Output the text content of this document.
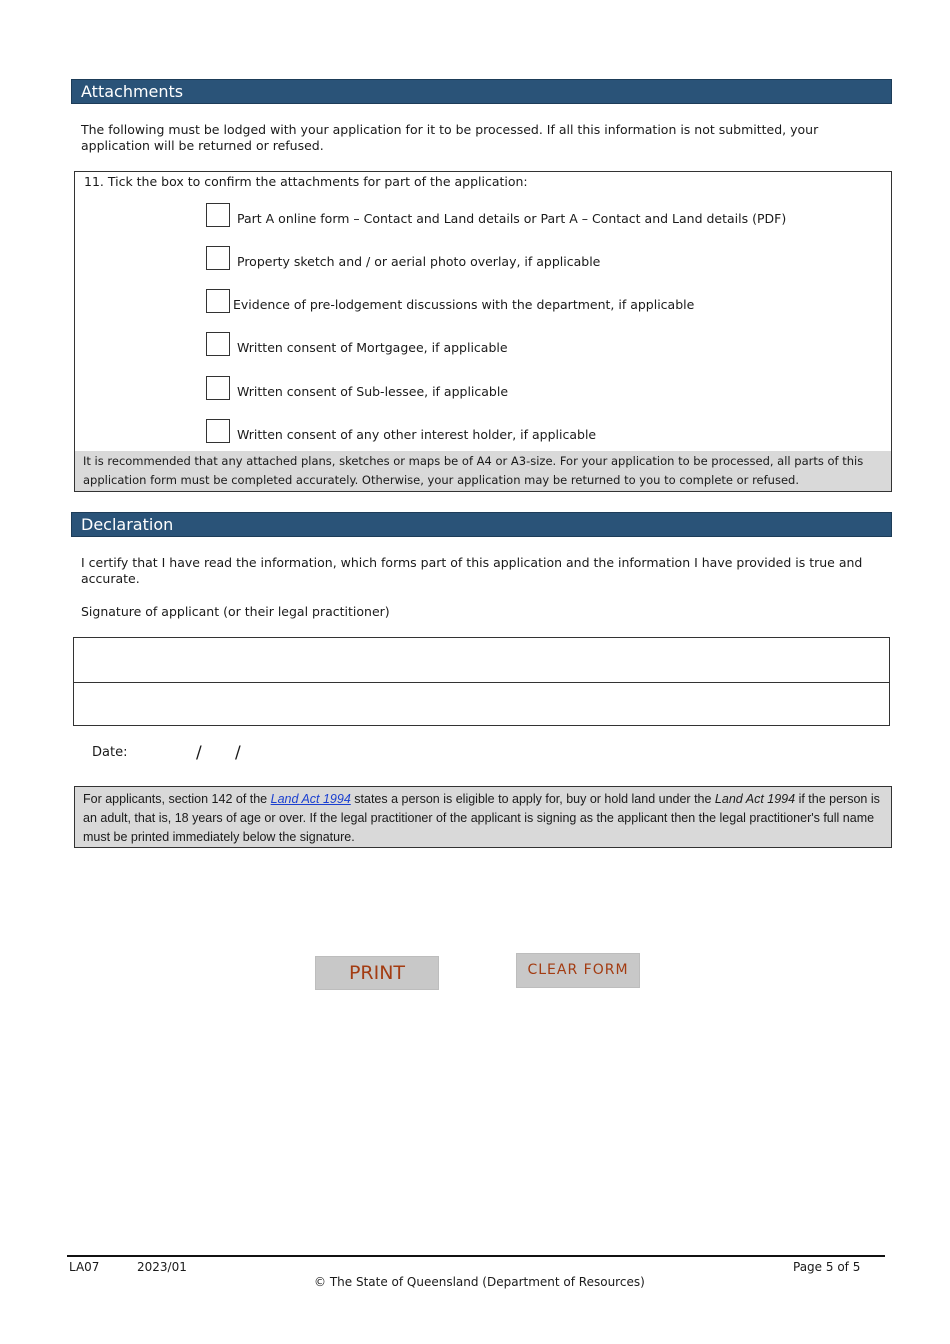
Attachments
The following must be lodged with your application for it to be processed. If all this information is not submitted, your application will be returned or refused.
11. Tick the box to confirm the attachments for part of the application:
Part A online form – Contact and Land details or Part A – Contact and Land details (PDF)
Property sketch and / or aerial photo overlay, if applicable
Evidence of pre-lodgement discussions with the department, if applicable
Written consent of Mortgagee, if applicable
Written consent of Sub-lessee, if applicable
Written consent of any other interest holder, if applicable
It is recommended that any attached plans, sketches or maps be of A4 or A3-size. For your application to be processed, all parts of this application form must be completed accurately. Otherwise, your application may be returned to you to complete or refused.
Declaration
I certify that I have read the information, which forms part of this application and the information I have provided is true and accurate.
Signature of applicant (or their legal practitioner)
Date:	/ /
For applicants, section 142 of the Land Act 1994 states a person is eligible to apply for, buy or hold land under the Land Act 1994 if the person is an adult, that is, 18 years of age or over. If the legal practitioner of the applicant is signing as the applicant then the legal practitioner's full name must be printed immediately below the signature.
PRINT	CLEAR FORM
LA07	2023/01	Page 5 of 5
© The State of Queensland (Department of Resources)
